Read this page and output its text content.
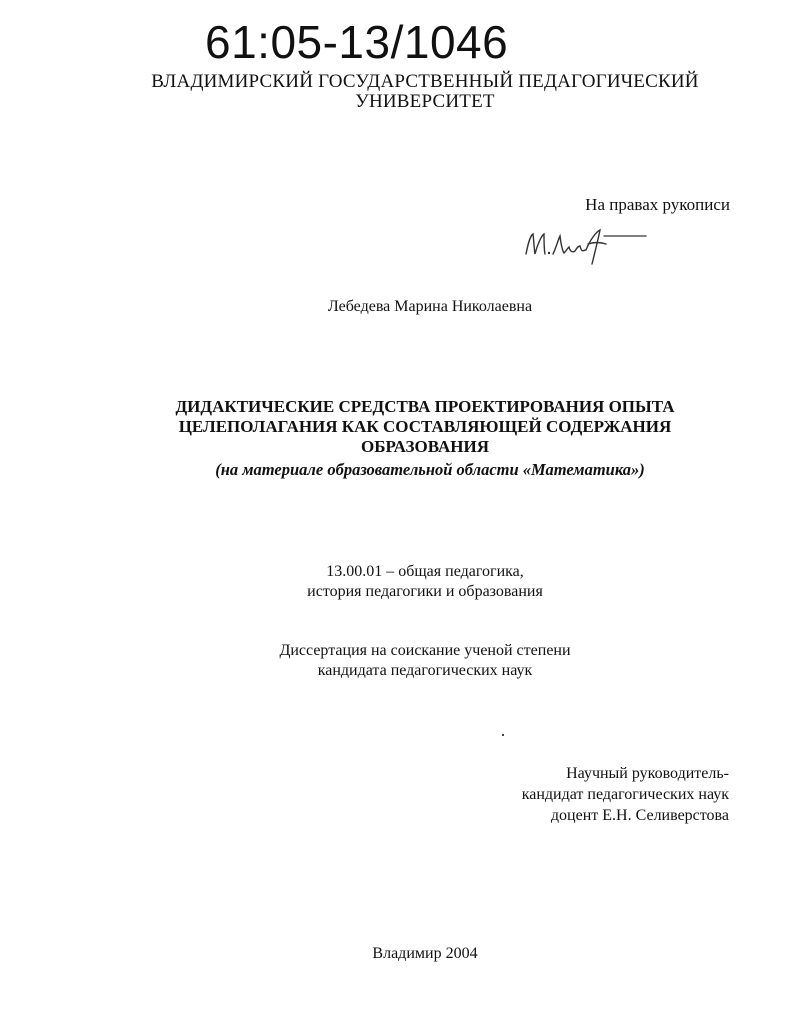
61:05-13/1046
ВЛАДИМИРСКИЙ ГОСУДАРСТВЕННЫЙ ПЕДАГОГИЧЕСКИЙ
УНИВЕРСИТЕТ
На правах рукописи
Лебедева Марина Николаевна
ДИДАКТИЧЕСКИЕ СРЕДСТВА ПРОЕКТИРОВАНИЯ ОПЫТА
ЦЕЛЕПОЛАГАНИЯ КАК СОСТАВЛЯЮЩЕЙ СОДЕРЖАНИЯ
ОБРАЗОВАНИЯ
(на материале образовательной области «Математика»)
13.00.01 – общая педагогика,
история педагогики и образования
Диссертация на соискание ученой степени
кандидата педагогических наук
Научный руководитель-
кандидат педагогических наук
доцент Е.Н. Селиверстова
Владимир 2004
